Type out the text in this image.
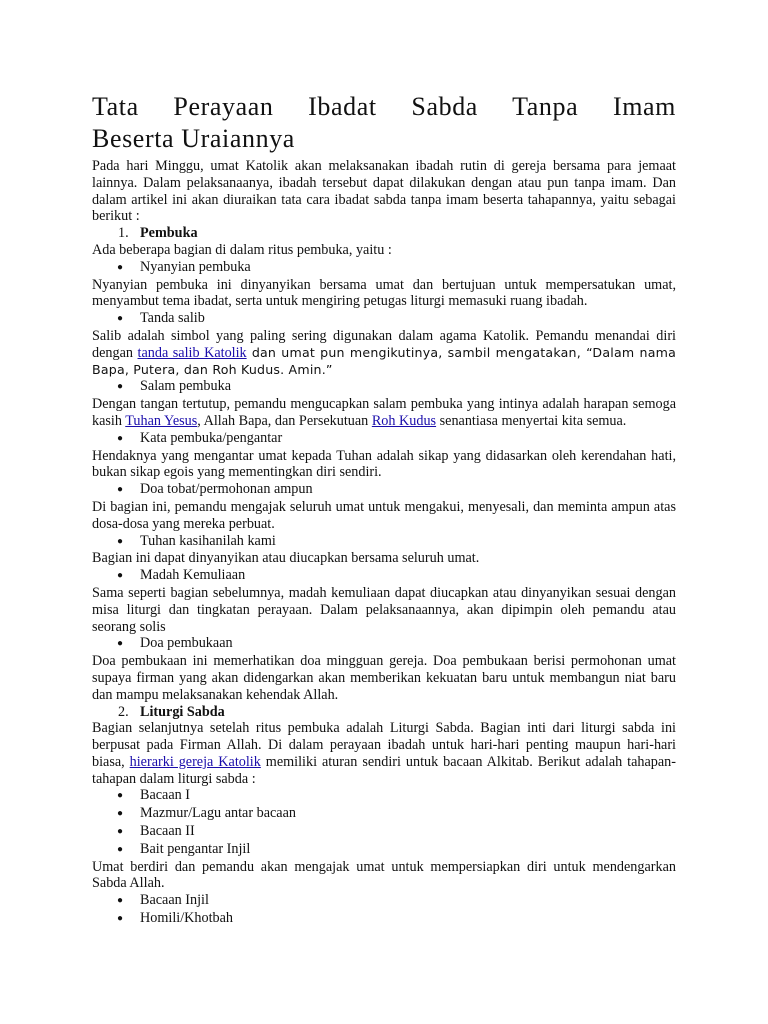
Tata Perayaan Ibadat Sabda Tanpa Imam
Beserta Uraiannya

Pada hari Minggu, umat Katolik akan melaksanakan ibadah rutin di gereja bersama para jemaat lainnya. Dalam pelaksanaanya, ibadah tersebut dapat dilakukan dengan atau pun tanpa imam. Dan dalam artikel ini akan diuraikan tata cara ibadat sabda tanpa imam beserta tahapannya, yaitu sebagai berikut :

1. Pembuka

Ada beberapa bagian di dalam ritus pembuka, yaitu :

● Nyanyian pembuka

Nyanyian pembuka ini dinyanyikan bersama umat dan bertujuan untuk mempersatukan umat, menyambut tema ibadat, serta untuk mengiring petugas liturgi memasuki ruang ibadah.

● Tanda salib

Salib adalah simbol yang paling sering digunakan dalam agama Katolik. Pemandu menandai diri dengan tanda salib Katolik dan umat pun mengikutinya, sambil mengatakan, “Dalam nama Bapa, Putera, dan Roh Kudus. Amin.”

● Salam pembuka

Dengan tangan tertutup, pemandu mengucapkan salam pembuka yang intinya adalah harapan semoga kasih Tuhan Yesus, Allah Bapa, dan Persekutuan Roh Kudus senantiasa menyertai kita semua.

● Kata pembuka/pengantar

Hendaknya yang mengantar umat kepada Tuhan adalah sikap yang didasarkan oleh kerendahan hati, bukan sikap egois yang mementingkan diri sendiri.

● Doa tobat/permohonan ampun

Di bagian ini, pemandu mengajak seluruh umat untuk mengakui, menyesali, dan meminta ampun atas dosa-dosa yang mereka perbuat.

● Tuhan kasihanilah kami

Bagian ini dapat dinyanyikan atau diucapkan bersama seluruh umat.

● Madah Kemuliaan

Sama seperti bagian sebelumnya, madah kemuliaan dapat diucapkan atau dinyanyikan sesuai dengan misa liturgi dan tingkatan perayaan. Dalam pelaksanaannya, akan dipimpin oleh pemandu atau seorang solis

● Doa pembukaan

Doa pembukaan ini memerhatikan doa mingguan gereja. Doa pembukaan berisi permohonan umat supaya firman yang akan didengarkan akan memberikan kekuatan baru untuk membangun niat baru dan mampu melaksanakan kehendak Allah.

2. Liturgi Sabda

Bagian selanjutnya setelah ritus pembuka adalah Liturgi Sabda. Bagian inti dari liturgi sabda ini berpusat pada Firman Allah. Di dalam perayaan ibadah untuk hari-hari penting maupun hari-hari biasa, hierarki gereja Katolik memiliki aturan sendiri untuk bacaan Alkitab. Berikut adalah tahapan-tahapan dalam liturgi sabda :

● Bacaan I
● Mazmur/Lagu antar bacaan
● Bacaan II
● Bait pengantar Injil

Umat berdiri dan pemandu akan mengajak umat untuk mempersiapkan diri untuk mendengarkan Sabda Allah.

● Bacaan Injil
● Homili/Khotbah
